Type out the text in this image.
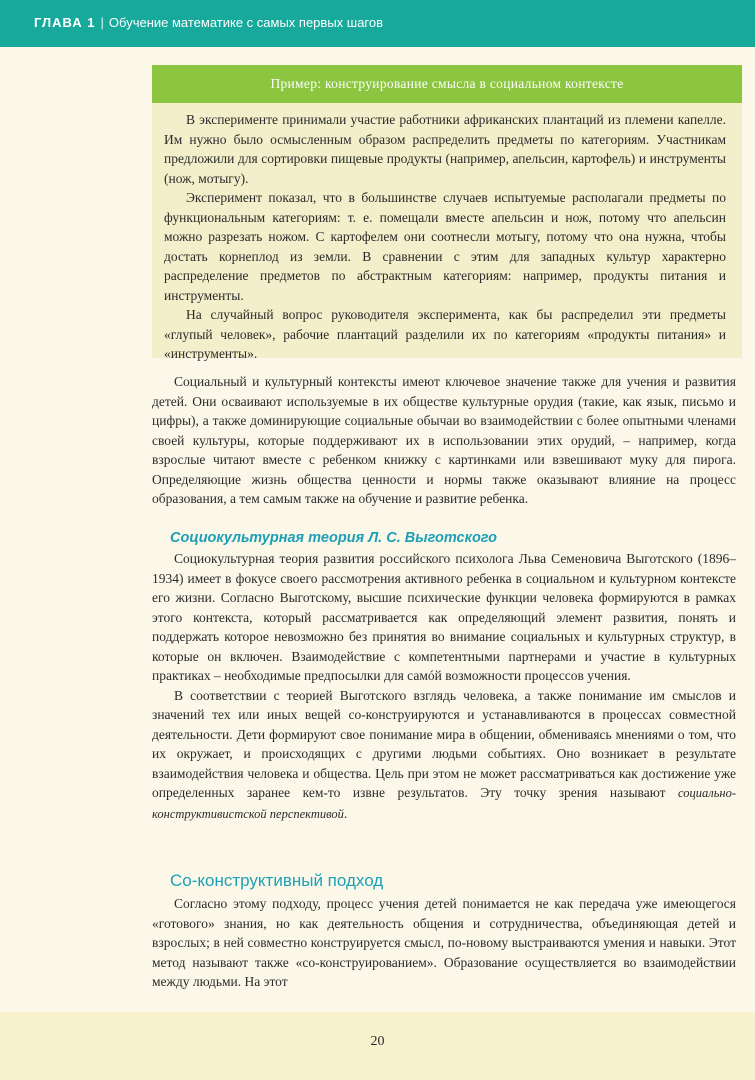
ГЛАВА 1 | Обучение математике с самых первых шагов
Пример: конструирование смысла в социальном контексте

В эксперименте принимали участие работники африканских плантаций из племени капелле. Им нужно было осмысленным образом распределить предметы по категориям. Участникам предложили для сортировки пищевые продукты (например, апельсин, картофель) и инструменты (нож, мотыгу).

Эксперимент показал, что в большинстве случаев испытуемые располагали предметы по функциональным категориям: т. е. помещали вместе апельсин и нож, потому что апельсин можно разрезать ножом. С картофелем они соотнесли мотыгу, потому что она нужна, чтобы достать корнеплод из земли. В сравнении с этим для западных культур характерно распределение предметов по абстрактным категориям: например, продукты питания и инструменты.

На случайный вопрос руководителя эксперимента, как бы распределил эти предметы «глупый человек», рабочие плантаций разделили их по категориям «продукты питания» и «инструменты».

Социальный и культурный контексты имеют ключевое значение также для учения и развития детей. Они осваивают используемые в их обществе культурные орудия (такие, как язык, письмо и цифры), а также доминирующие социальные обычаи во взаимодействии с более опытными членами своей культуры, которые поддерживают их в использовании этих орудий, – например, когда взрослые читают вместе с ребенком книжку с картинками или взвешивают муку для пирога. Определяющие жизнь общества ценности и нормы также оказывают влияние на процесс образования, а тем самым также на обучение и развитие ребенка.

Социокультурная теория Л. С. Выготского

Социокультурная теория развития российского психолога Льва Семеновича Выготского (1896–1934) имеет в фокусе своего рассмотрения активного ребенка в социальном и культурном контексте его жизни. Согласно Выготскому, высшие психические функции человека формируются в рамках этого контекста, который рассматривается как определяющий элемент развития, понять и поддержать которое невозможно без принятия во внимание социальных и культурных структур, в которые он включен. Взаимодействие с компетентными партнерами и участие в культурных практиках – необходимые предпосылки для самóй возможности процессов учения.

В соответствии с теорией Выготского взглядь человека, а также понимание им смыслов и значений тех или иных вещей со-конструируются и устанавливаются в процессах совместной деятельности. Дети формируют свое понимание мира в общении, обмениваясь мнениями о том, что их окружает, и происходящих с другими людьми событиях. Оно возникает в результате взаимодействия человека и общества. Цель при этом не может рассматриваться как достижение уже определенных заранее кем-то извне результатов. Эту точку зрения называют социально-конструктивистской перспективой.

Со-конструктивный подход

Согласно этому подходу, процесс учения детей понимается не как передача уже имеющегося «готового» знания, но как деятельность общения и сотрудничества, объединяющая детей и взрослых; в ней совместно конструируется смысл, по-новому выстраиваются умения и навыки. Этот метод называют также «со-конструированием». Образование осуществляется во взаимодействии между людьми. На этот

20
